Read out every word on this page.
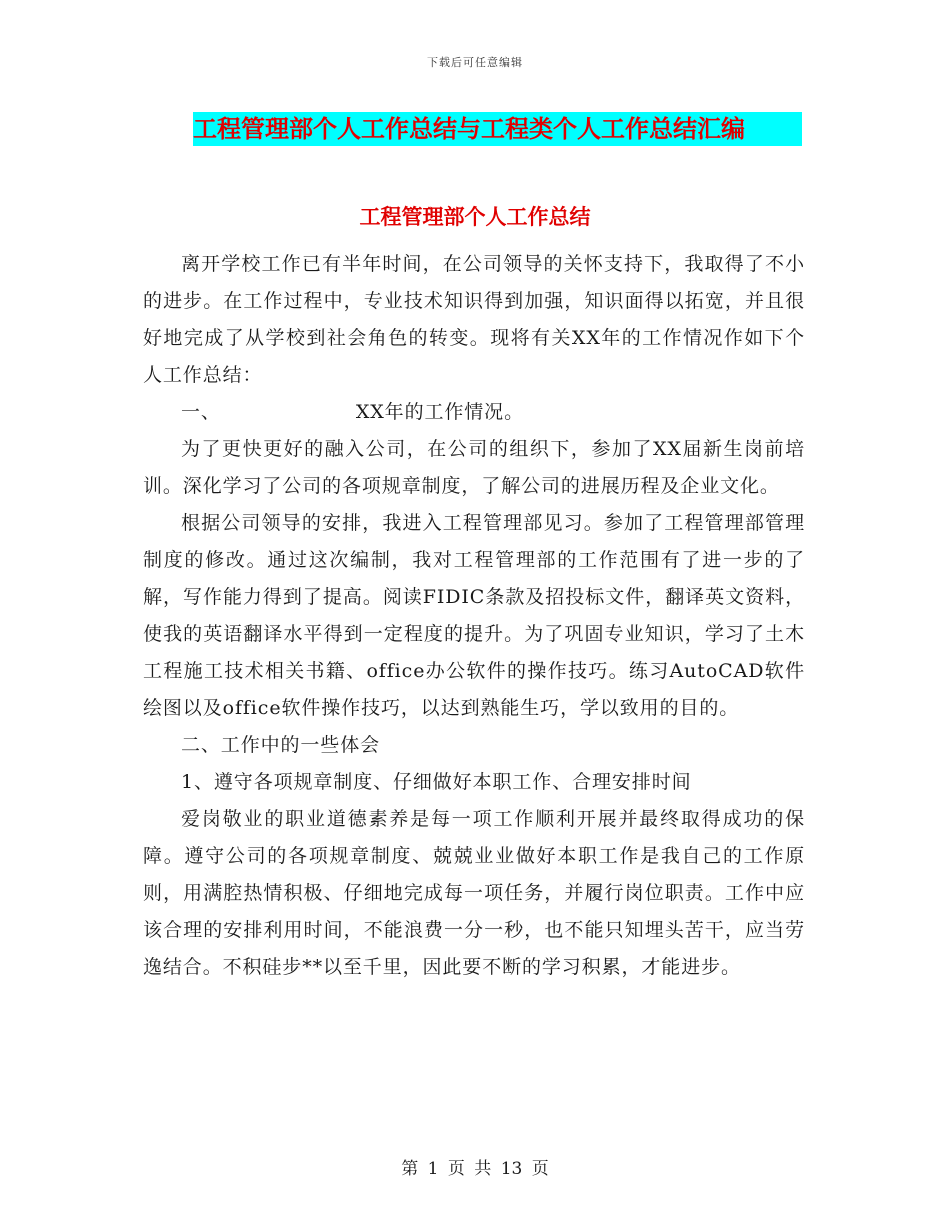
下载后可任意编辑
工程管理部个人工作总结与工程类个人工作总结汇编
工程管理部个人工作总结

离开学校工作已有半年时间，在公司领导的关怀支持下，我取得了不小的进步。在工作过程中，专业技术知识得到加强，知识面得以拓宽，并且很好地完成了从学校到社会角色的转变。现将有关XX年的工作情况作如下个人工作总结：

一、	XX年的工作情况。

为了更快更好的融入公司，在公司的组织下，参加了XX届新生岗前培训。深化学习了公司的各项规章制度，了解公司的进展历程及企业文化。

根据公司领导的安排，我进入工程管理部见习。参加了工程管理部管理制度的修改。通过这次编制，我对工程管理部的工作范围有了进一步的了解，写作能力得到了提高。阅读FIDIC条款及招投标文件，翻译英文资料，使我的英语翻译水平得到一定程度的提升。为了巩固专业知识，学习了土木工程施工技术相关书籍、office办公软件的操作技巧。练习AutoCAD软件绘图以及office软件操作技巧，以达到熟能生巧，学以致用的目的。

二、工作中的一些体会

1、遵守各项规章制度、仔细做好本职工作、合理安排时间

爱岗敬业的职业道德素养是每一项工作顺利开展并最终取得成功的保障。遵守公司的各项规章制度、兢兢业业做好本职工作是我自己的工作原则，用满腔热情积极、仔细地完成每一项任务，并履行岗位职责。工作中应该合理的安排利用时间，不能浪费一分一秒，也不能只知埋头苦干，应当劳逸结合。不积硅步**以至千里，因此要不断的学习积累，才能进步。

第 1 页 共 13 页
